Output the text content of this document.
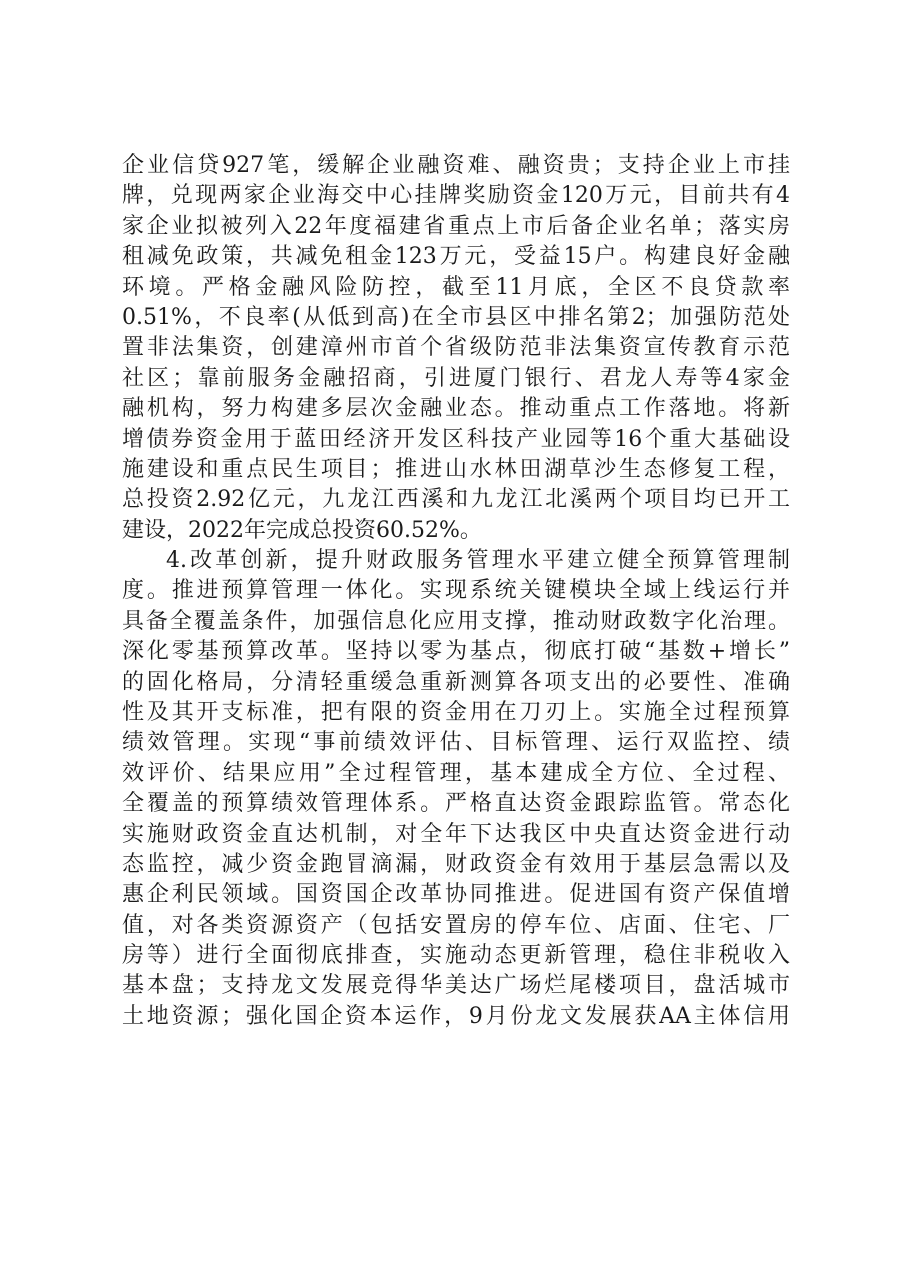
企业信贷927笔，缓解企业融资难、融资贵；支持企业上市挂
牌，兑现两家企业海交中心挂牌奖励资金120万元，目前共有4
家企业拟被列入22年度福建省重点上市后备企业名单；落实房
租减免政策，共减免租金123万元，受益15户。构建良好金融
环境。严格金融风险防控，截至11月底，全区不良贷款率
0.51%，不良率(从低到高)在全市县区中排名第2；加强防范处
置非法集资，创建漳州市首个省级防范非法集资宣传教育示范
社区；靠前服务金融招商，引进厦门银行、君龙人寿等4家金
融机构，努力构建多层次金融业态。推动重点工作落地。将新
增债券资金用于蓝田经济开发区科技产业园等16个重大基础设
施建设和重点民生项目；推进山水林田湖草沙生态修复工程，
总投资2.92亿元，九龙江西溪和九龙江北溪两个项目均已开工
建设，2022年完成总投资60.52%。
4.改革创新，提升财政服务管理水平建立健全预算管理制
度。推进预算管理一体化。实现系统关键模块全域上线运行并
具备全覆盖条件，加强信息化应用支撑，推动财政数字化治理。
深化零基预算改革。坚持以零为基点，彻底打破“基数+增长”
的固化格局，分清轻重缓急重新测算各项支出的必要性、准确
性及其开支标准，把有限的资金用在刀刃上。实施全过程预算
绩效管理。实现“事前绩效评估、目标管理、运行双监控、绩
效评价、结果应用”全过程管理，基本建成全方位、全过程、
全覆盖的预算绩效管理体系。严格直达资金跟踪监管。常态化
实施财政资金直达机制，对全年下达我区中央直达资金进行动
态监控，减少资金跑冒滴漏，财政资金有效用于基层急需以及
惠企利民领域。国资国企改革协同推进。促进国有资产保值增
值，对各类资源资产（包括安置房的停车位、店面、住宅、厂
房等）进行全面彻底排查，实施动态更新管理，稳住非税收入
基本盘；支持龙文发展竞得华美达广场烂尾楼项目，盘活城市
土地资源；强化国企资本运作，9月份龙文发展获AA主体信用
